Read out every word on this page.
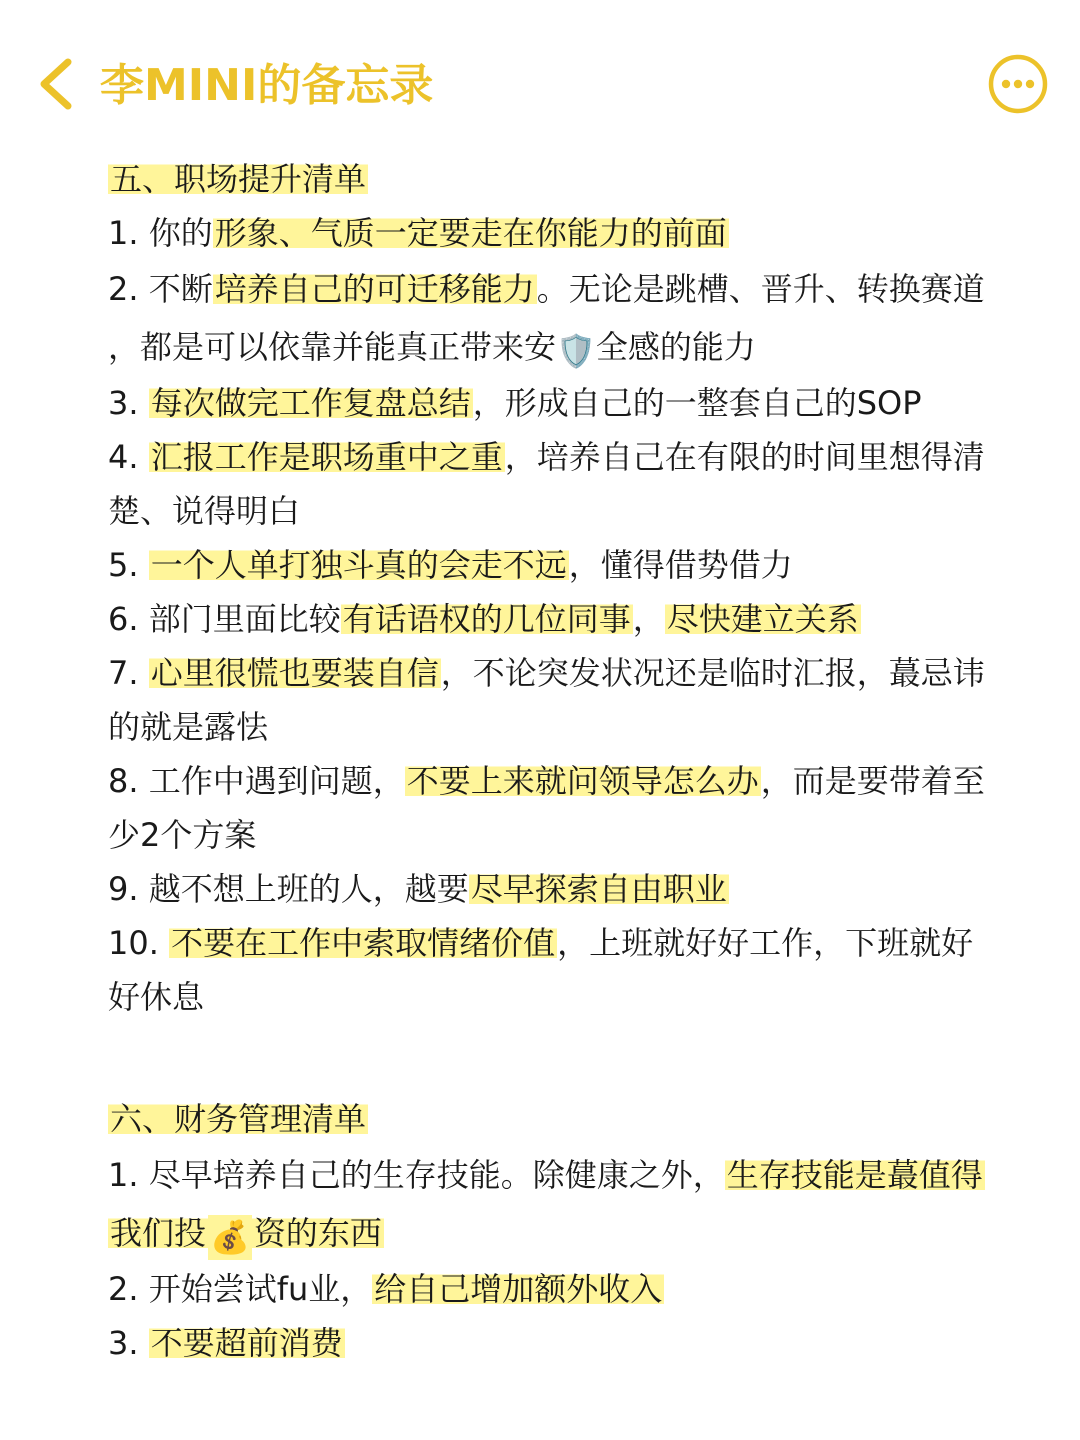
李MINI的备忘录
五、职场提升清单
1. 你的形象、气质一定要走在你能力的前面
2. 不断培养自己的可迁移能力。无论是跳槽、晋升、转换赛道
，都是可以依靠并能真正带来安🛡️全感的能力
3. 每次做完工作复盘总结，形成自己的一整套自己的SOP
4. 汇报工作是职场重中之重，培养自己在有限的时间里想得清
楚、说得明白
5. 一个人单打独斗真的会走不远，懂得借势借力
6. 部门里面比较有话语权的几位同事，尽快建立关系
7. 心里很慌也要装自信，不论突发状况还是临时汇报，蕞忌讳
的就是露怯
8. 工作中遇到问题，不要上来就问领导怎么办，而是要带着至
少2个方案
9. 越不想上班的人，越要尽早探索自由职业
10. 不要在工作中索取情绪价值，上班就好好工作，下班就好
好休息
六、财务管理清单
1. 尽早培养自己的生存技能。除健康之外，生存技能是蕞值得
我们投 💰 资的东西
2. 开始尝试fu业，给自己增加额外收入
3. 不要超前消费
